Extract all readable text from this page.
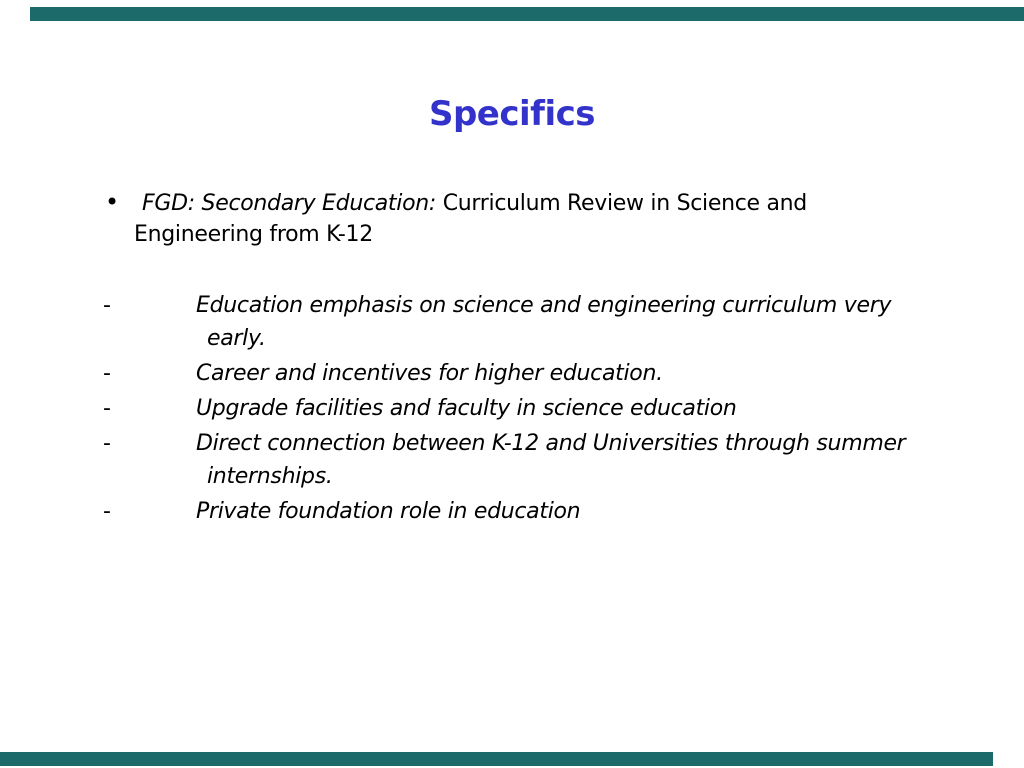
Specifics
• FGD: Secondary Education: Curriculum Review in Science and
Engineering from K-12
-	Education emphasis on science and engineering curriculum very
early.
-	Career and incentives for higher education.
-	Upgrade facilities and faculty in science education
-	Direct connection between K-12 and Universities through summer
internships.
-	Private foundation role in education
